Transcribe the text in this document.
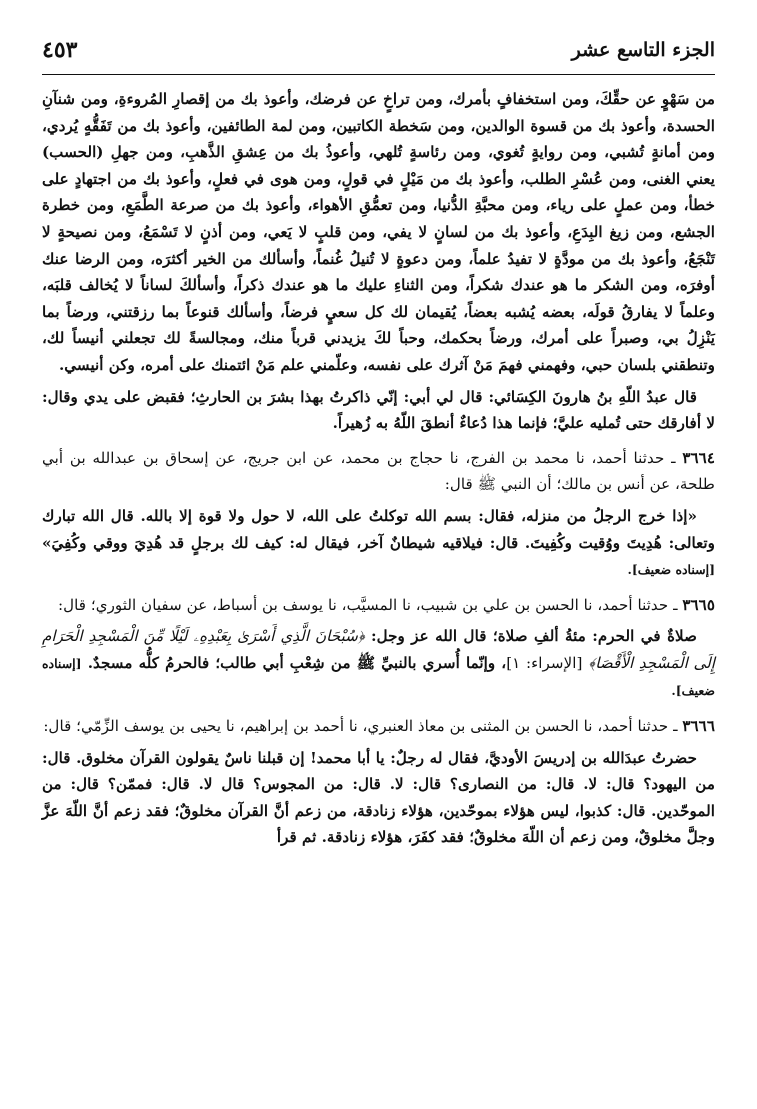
الجزء التاسع عشر
٤٥٣

من سَهْوٍ عن حقِّكَ، ومن استخفافٍ بأمرك، ومن تراخٍ عن فرضك، وأعوذ بك من إقصارِ المُروءةِ، ومن شنآنِ الحسدة، وأعوذ بك من قسوة الوالدين، ومن سَخطة الكاتبين، ومن لمة الطائفين، وأعوذ بك من تَفَقُّهٍ يُردي، ومن أمانةٍ تُشبي، ومن روايةٍ تُغوي، ومن رئاسةٍ تُلهي، وأعوذُ بك من عِشقِ الذَّهبِ، ومن جهلِ (الحسب) يعني الغنى، ومن عُسْرِ الطلب، وأعوذ بك من مَيْلٍ في قولٍ، ومن هوى في فعلٍ، وأعوذ بك من اجتهادٍ على خطأ، ومن عملٍ على رياء، ومن محبَّةِ الدُّنيا، ومن تعمُّقِ الأهواء، وأعوذ بك من صرعة الطَّمَعِ، ومن خطرة الجشع، ومن زيغ البِدَعِ، وأعوذ بك من لسانٍ لا يفي، ومن قلبٍ لا يَعي، ومن أذنٍ لا تَسْمَعُ، ومن نصيحةٍ لا تَنْجَعُ، وأعوذ بك من مودَّةٍ لا تفيدُ علماً، ومن دعوةٍ لا تُنيلُ غُنماً، وأسألك من الخير أكثرَه، ومن الرضا عنك أوفرَه، ومن الشكر ما هو عندك شكراً، ومن الثناءِ عليك ما هو عندك ذكراً، وأسألكَ لساناً لا يُخالف قلبَه، وعلماً لا يفارقُ قولَه، بعضه يُشبه بعضاً، يُقيمان لك كل سعيٍ فرضاً، وأسألك قنوعاً بما رزقتني، ورضاً بما يَنْزِلُ بي، وصبراً على أمرك، ورضاً بحكمك، وحباً لكَ يزيدني قرباً منك، ومجالسةً لك تجعلني أنيساً لك، وتنطقني بلسان حبي، وفهمني فهمَ مَنْ آثرك على نفسه، وعلّمني علم مَنْ ائتمنك على أمره، وكن أنيسي.

قال عبدُ اللّهِ بنُ هارونَ الكِسَائي: قال لي أبي: إنّي ذاكرتُ بهذا بشرَ بن الحارثِ؛ فقبض على يدي وقال: لا أفارقك حتى تُمليه عليَّ؛ فإنما هذا دُعاءٌ أنطقَ اللّهُ به زُهيراً.

٣٦٦٤ ـ حدثنا أحمد، نا محمد بن الفرج، نا حجاج بن محمد، عن ابن جريج، عن إسحاق بن عبدالله بن أبي طلحة، عن أنس بن مالك؛ أن النبي ﷺ قال:

«إذا خرج الرجلُ من منزله، فقال: بسم الله توكلتُ على الله، لا حول ولا قوة إلا بالله. قال الله تبارك وتعالى: هُدِيتَ ووُقيت وكُفِيتَ. قال: فيلاقيه شيطانٌ آخر، فيقال له: كيف لك برجلٍ قد هُدِيَ ووقي وكُفِيَ» [إسناده ضعيف].

٣٦٦٥ ـ حدثنا أحمد، نا الحسن بن علي بن شبيب، نا المسيَّب، نا يوسف بن أسباط، عن سفيان الثوري؛ قال:

صلاةٌ في الحرم: مئةُ ألفِ صلاة؛ قال الله عز وجل: ﴿سُبْحَانَ الَّذِي أَسْرَىٰ بِعَبْدِهِۦ لَيْلًا مِّنَ الْمَسْجِدِ الْحَرَامِ إِلَى الْمَسْجِدِ الْأَقْصَا﴾ [الإسراء: ١]، وإنّما أُسري بالنبيِّ ﷺ من شِعْبِ أبي طالب؛ فالحرمُ كلُّه مسجدٌ. [إسناده ضعيف].

٣٦٦٦ ـ حدثنا أحمد، نا الحسن بن المثنى بن معاذ العنبري، نا أحمد بن إبراهيم، نا يحيى بن يوسف الزِّمّي؛ قال:

حضرتُ عبدَالله بن إدريسَ الأوديَّ، فقال له رجلٌ: يا أبا محمد! إن قبلنا ناسٌ يقولون القرآن مخلوق. قال: من اليهود؟ قال: لا. قال: من النصارى؟ قال: لا. قال: من المجوس؟ قال لا. قال: فممّن؟ قال: من الموحّدين. قال: كذبوا، ليس هؤلاء بموحّدين، هؤلاء زنادقة، من زعم أنَّ القرآن مخلوقٌ؛ فقد زعم أنَّ اللّهَ عزَّ وجلَّ مخلوقٌ، ومن زعم أن اللّهَ مخلوقٌ؛ فقد كفَرَ، هؤلاء زنادقة. ثم قرأ
